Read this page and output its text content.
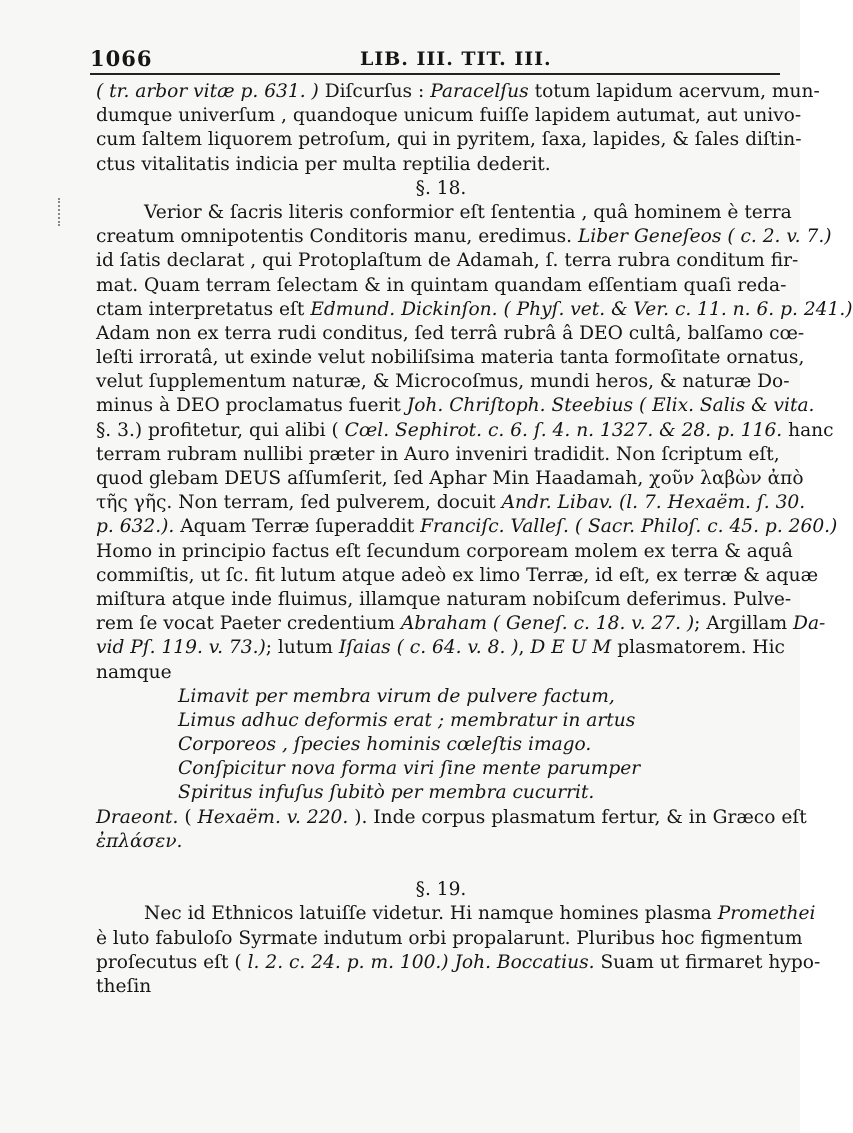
1066	LIB. III. TIT. III.
( tr. arbor vitæ p. 631. ) Diſcurſus : Paracelſus totum lapidum acervum, mun-
dumque univerſum , quandoque unicum fuiſſe lapidem autumat, aut univo-
cum ſaltem liquorem petroſum, qui in pyritem, ſaxa, lapides, & ſales diſtin-
ctus vitalitatis indicia per multa reptilia dederit.
§. 18.
Verior & ſacris literis conformior eſt ſententia , quâ hominem è terra
creatum omnipotentis Conditoris manu, eredimus. Liber Geneſeos ( c. 2. v. 7.)
id ſatis declarat , qui Protoplaſtum de Adamah, ſ. terra rubra conditum fir-
mat. Quam terram ſelectam & in quintam quandam eſſentiam quaſi reda-
ctam interpretatus eſt Edmund. Dickinſon. ( Phyſ. vet. & Ver. c. 11. n. 6. p. 241.)
Adam non ex terra rudi conditus, ſed terrâ rubrâ â DEO cultâ, balſamo cœ-
leſti irroratâ, ut exinde velut nobiliſsima materia tanta formoſitate ornatus,
velut ſupplementum naturæ, & Microcoſmus, mundi heros, & naturæ Do-
minus à DEO proclamatus fuerit Joh. Chriſtoph. Steebius ( Elix. Salis & vita.
§. 3.) profitetur, qui alibi ( Cœl. Sephirot. c. 6. ſ. 4. n. 1327. & 28. p. 116. hanc
terram rubram nullibi præter in Auro inveniri tradidit. Non ſcriptum eſt,
quod glebam DEUS aſſumſerit, ſed Aphar Min Haadamah, χοῦν λαβὼν ἀπὸ
τῆς γῆς. Non terram, ſed pulverem, docuit Andr. Libav. (l. 7. Hexaëm. ſ. 30.
p. 632.). Aquam Terræ ſuperaddit Franciſc. Valleſ. ( Sacr. Philoſ. c. 45. p. 260.)
Homo in principio factus eſt ſecundum corpoream molem ex terra & aquâ
commiſtis, ut ſc. fit lutum atque adeò ex limo Terræ, id eſt, ex terræ & aquæ
miſtura atque inde fluimus, illamque naturam nobiſcum deferimus. Pulve-
rem ſe vocat Paeter credentium Abraham ( Geneſ. c. 18. v. 27. ); Argillam Da-
vid Pſ. 119. v. 73.); lutum Iſaias ( c. 64. v. 8. ), D E U M plasmatorem. Hic
namque
Limavit per membra virum de pulvere factum,
Limus adhuc deformis erat ; membratur in artus
Corporeos , ſpecies hominis cœleſtis imago.
Conſpicitur nova forma viri ſine mente parumper
Spiritus infuſus ſubitò per membra cucurrit.
Draeont. ( Hexaëm. v. 220. ). Inde corpus plasmatum fertur, & in Græco eſt
ἐπλάσεν.
§. 19.
Nec id Ethnicos latuiſſe videtur. Hi namque homines plasma Promethei
è luto fabuloſo Syrmate indutum orbi propalarunt. Pluribus hoc figmentum
proſecutus eſt ( l. 2. c. 24. p. m. 100.) Joh. Boccatius. Suam ut firmaret hypo-
theſin
